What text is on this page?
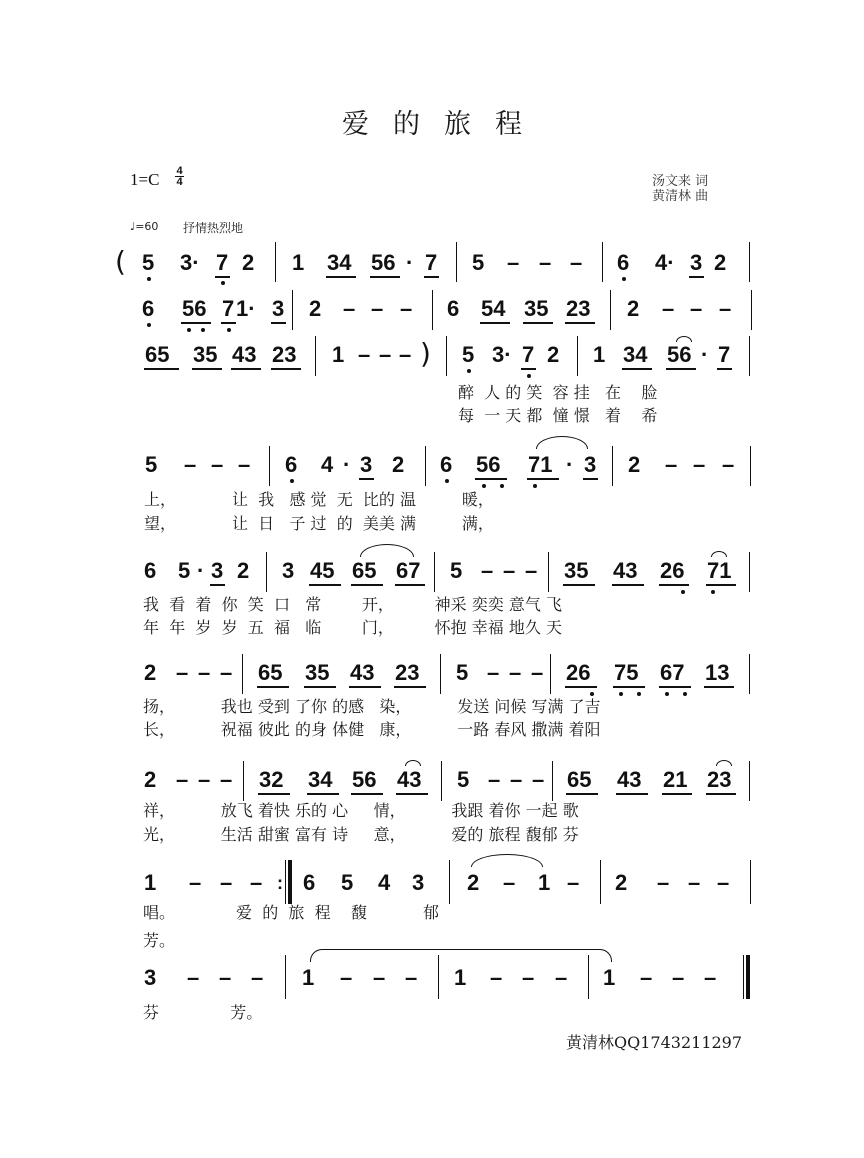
爱的旅程
1=C 4
4	汤文来 词
黄清林 曲
♩=60 抒情热烈地
( 5 3· 7 2 1 34 56 · 7 5 – – – 6 4· 3 2
6 56 7 1· 3 2 – – – 6 54 35 23 2 – – –
65 35 43 23 1 – – – ) 5 3· 7 2 1 34 56 · 7
醉 人 的 笑 容 挂 在 脸
每 一 天 都 憧 憬 着 希
5 – – – 6 4 · 3 2 6 56 71 · 3 2 – – –
上，	让 我 感 觉 无 比的 温	暖，
望，	让 日 子 过 的 美美 满	满，
6 5 · 3 2 3 45 65 67 5 – – – 35 43 26 71
我 看 着 你 笑 口 常	开，	神采 奕奕 意气 飞
年 年 岁 岁 五 福 临	门，	怀抱 幸福 地久 天
2 – – – 65 35 43 23 5 – – – 26 75 67 13
扬，	我也 受到 了你 的感 染，	发送 问候 写满 了吉
长，	祝福 彼此 的身 体健 康，	一路 春风 撒满 着阳
2 – – – 32 34 56 43 5 – – – 65 43 21 23
祥，	放飞 着快 乐的 心 情，	我跟 着你 一起 歌
光，	生活 甜蜜 富有 诗 意，	爱的 旅程 馥郁 芬
1 – – – : 6 5 4 3 2 – 1 – 2 – – –
唱。	爱 的 旅 程 馥	郁
芳。
3 – – – 1 – – – 1 – – – 1 – – –
芬	芳。
黄清林QQ1743211297
